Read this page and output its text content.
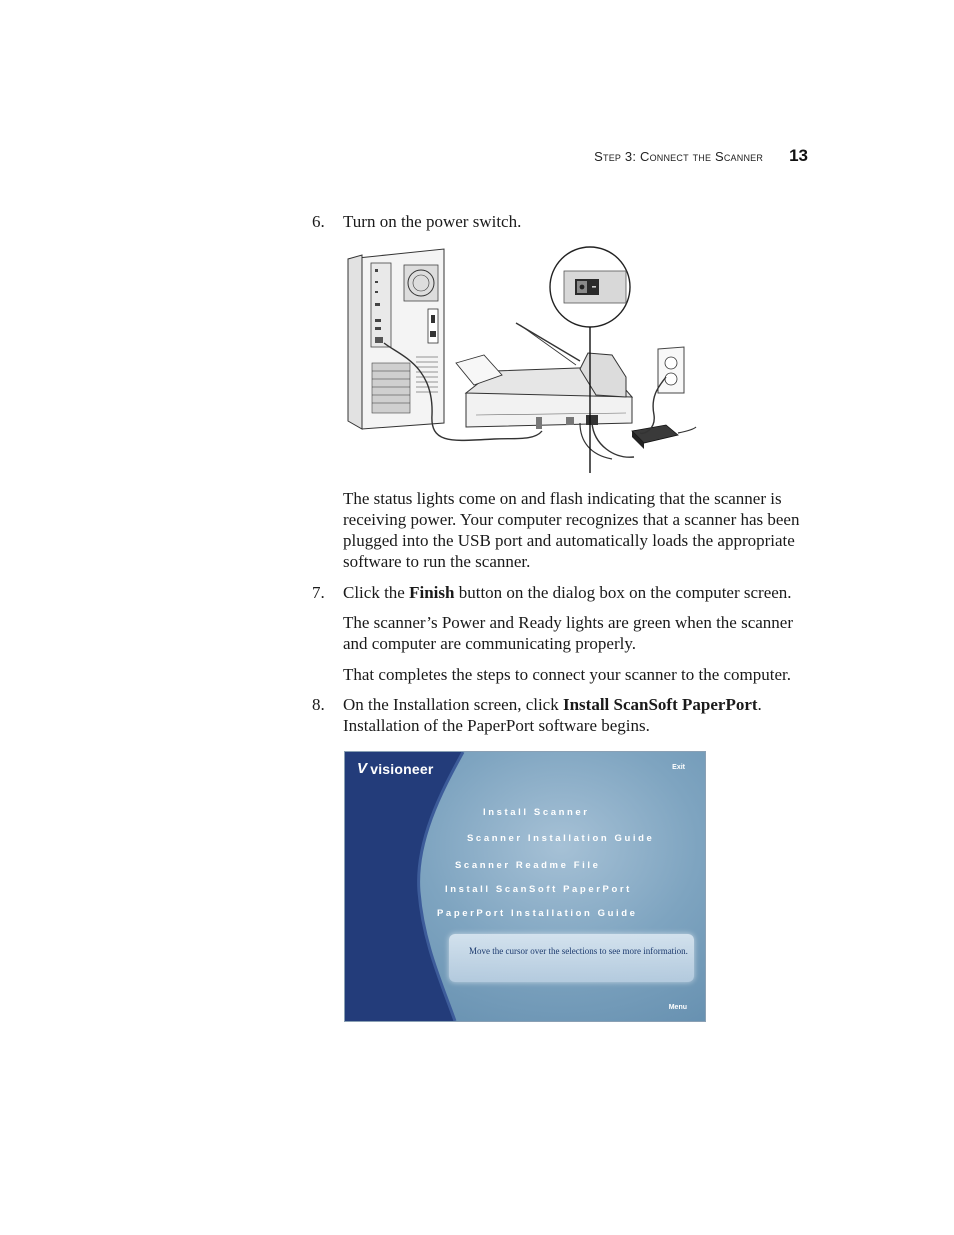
Step 3: Connect the Scanner 13
6. Turn on the power switch.
The status lights come on and flash indicating that the scanner is receiving power. Your computer recognizes that a scanner has been plugged into the USB port and automatically loads the appropriate software to run the scanner.
7. Click the Finish button on the dialog box on the computer screen.
The scanner’s Power and Ready lights are green when the scanner and computer are communicating properly.
That completes the steps to connect your scanner to the computer.
8. On the Installation screen, click Install ScanSoft PaperPort. Installation of the PaperPort software begins.
V visioneer	Exit
Install Scanner
Scanner Installation Guide
Scanner Readme File
Install ScanSoft PaperPort
PaperPort Installation Guide
Move the cursor over the selections to see more information.
Menu
